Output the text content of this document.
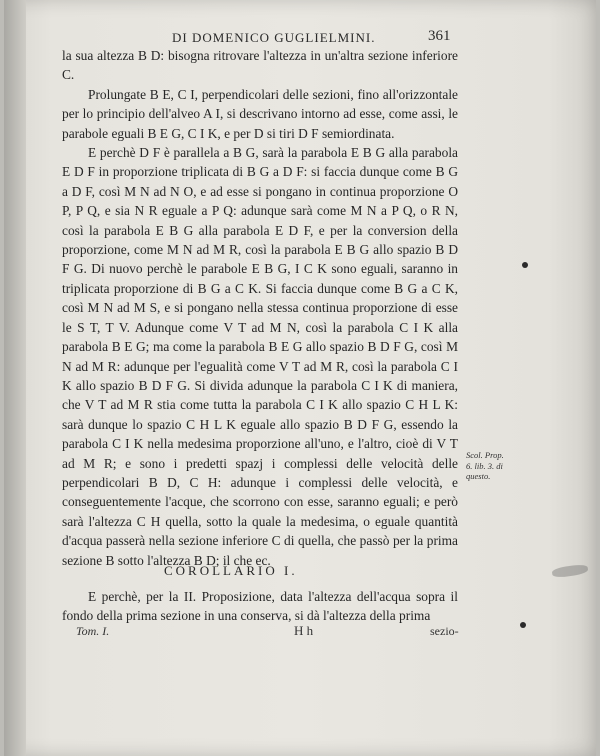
DI DOMENICO GUGLIELMINI.	361

la sua altezza B D: bisogna ritrovare l'altezza in un'altra sezione inferiore C.

Prolungate B E, C I, perpendicolari delle sezioni, fino all'orizzontale per lo principio dell'alveo A I, si descrivano intorno ad esse, come assi, le parabole eguali B E G, C I K, e per D si tiri D F semiordinata.

E perchè D F è parallela a B G, sarà la parabola E B G alla parabola E D F in proporzione triplicata di B G a D F: si faccia dunque come B G a D F, così M N ad N O, e ad esse si pongano in continua proporzione O P, P Q, e sia N R eguale a P Q: adunque sarà come M N a P Q, o R N, così la parabola E B G alla parabola E D F, e per la conversion della proporzione, come M N ad M R, così la parabola E B G allo spazio B D F G. Di nuovo perchè le parabole E B G, I C K sono eguali, saranno in triplicata proporzione di B G a C K. Si faccia dunque come B G a C K, così M N ad M S, e si pongano nella stessa continua proporzione di esse le S T, T V. Adunque come V T ad M N, così la parabola C I K alla parabola B E G; ma come la parabola B E G allo spazio B D F G, così M N ad M R: adunque per l'egualità come V T ad M R, così la parabola C I K allo spazio B D F G. Si divida adunque la parabola C I K di maniera, che V T ad M R stia come tutta la parabola C I K allo spazio C H L K: sarà dunque lo spazio C H L K eguale allo spazio B D F G, essendo la parabola C I K nella medesima proporzione all'uno, e l'altro, cioè di V T ad M R; e sono i predetti spazj i complessi delle velocità delle perpendicolari B D, C H: adunque i complessi delle velocità, e conseguentemente l'acque, che scorrono con esse, saranno eguali; e però sarà l'altezza C H quella, sotto la quale la medesima, o eguale quantità d'acqua passerà nella sezione inferiore C di quella, che passò per la prima sezione B sotto l'altezza B D; il che ec.

Scol. Prop. 6. lib. 3. di questo.
COROLLARIO I.
E perchè, per la II. Proposizione, data l'altezza dell'acqua sopra il fondo della prima sezione in una conserva, si dà l'altezza della prima
Tom. I.	H h	sezio-
